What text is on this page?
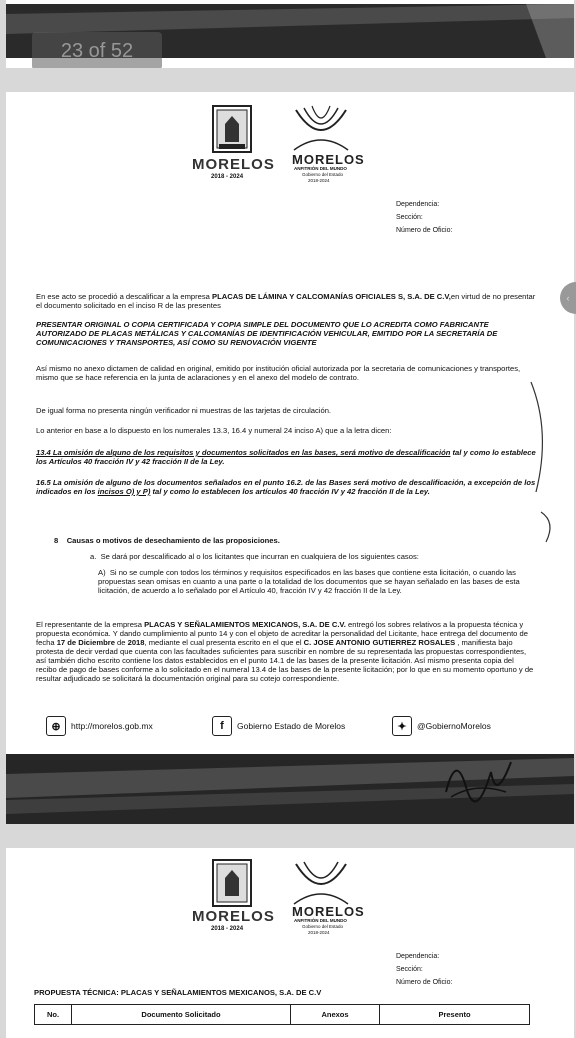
23 of 52
MORELOS
2018 - 2024
MORELOS
ANFITRIÓN DEL MUNDO
Gobierno del Estado
2018-2024
Dependencia:
Sección:
Número de Oficio:
En ese acto se procedió a descalificar a la empresa PLACAS DE LÁMINA Y CALCOMANÍAS OFICIALES S, S.A. DE C.V,en virtud de no presentar el documento solicitado en el inciso R de las presentes
PRESENTAR ORIGINAL O COPIA CERTIFICADA Y COPIA SIMPLE DEL DOCUMENTO QUE LO ACREDITA COMO FABRICANTE AUTORIZADO DE PLACAS METÁLICAS Y CALCOMANÍAS DE IDENTIFICACIÓN VEHICULAR, EMITIDO POR LA SECRETARÍA DE COMUNICACIONES Y TRANSPORTES, ASÍ COMO SU RENOVACIÓN VIGENTE
Así mismo no anexo dictamen de calidad en original, emitido por institución oficial autorizada por la secretaria de comunicaciones y transportes, mismo que se hace referencia en la junta de aclaraciones y en el anexo del modelo de contrato.
De igual forma no presenta ningún verificador ni muestras de las tarjetas de circulación.
Lo anterior en base a lo dispuesto en los numerales 13.3, 16.4 y numeral 24 inciso A) que a la letra dicen:
13.4 La omisión de alguno de los requisitos y documentos solicitados en las bases, será motivo de descalificación tal y como lo establece los Artículos 40 fracción IV y 42 fracción II de la Ley.
16.5 La omisión de alguno de los documentos señalados en el punto 16.2. de las Bases será motivo de descalificación, a excepción de los indicados en los incisos O) y P) tal y como lo establecen los artículos 40 fracción IV y 42 fracción II de la Ley.
8 Causas o motivos de desechamiento de las proposiciones.
a. Se dará por descalificado al o los licitantes que incurran en cualquiera de los siguientes casos:
A) Si no se cumple con todos los términos y requisitos especificados en las bases que contiene esta licitación, o cuando las propuestas sean omisas en cuanto a una parte o la totalidad de los documentos que se hayan señalado en las bases de esta licitación, de acuerdo a lo señalado por el Artículo 40, fracción IV y 42 fracción II de la Ley.
El representante de la empresa PLACAS Y SEÑALAMIENTOS MEXICANOS, S.A. DE C.V. entregó los sobres relativos a la propuesta técnica y propuesta económica. Y dando cumplimiento al punto 14 y con el objeto de acreditar la personalidad del Licitante, hace entrega del documento de fecha 17 de Diciembre de 2018, mediante el cual presenta escrito en el que el C. JOSE ANTONIO GUTIERREZ ROSALES , manifiesta bajo protesta de decir verdad que cuenta con las facultades suficientes para suscribir en nombre de su representada las propuestas correspondientes, así también dicho escrito contiene los datos establecidos en el punto 14.1 de las bases de la presente licitación. Así mismo presenta copia del recibo de pago de bases conforme a lo solicitado en el numeral 13.4 de las bases de la presente licitación; por lo que en su momento oportuno y de resultar adjudicado se solicitará la documentación original para su cotejo correspondiente.
⊕	http://morelos.gob.mx	f	Gobierno Estado de Morelos	✦	@GobiernoMorelos
‹
MORELOS
2018 - 2024
MORELOS
ANFITRIÓN DEL MUNDO
Gobierno del Estado
2018-2024
Dependencia:
Sección:
Número de Oficio:
PROPUESTA TÉCNICA: PLACAS Y SEÑALAMIENTOS MEXICANOS, S.A. DE C.V
No.	Documento Solicitado	Anexos	Presento
